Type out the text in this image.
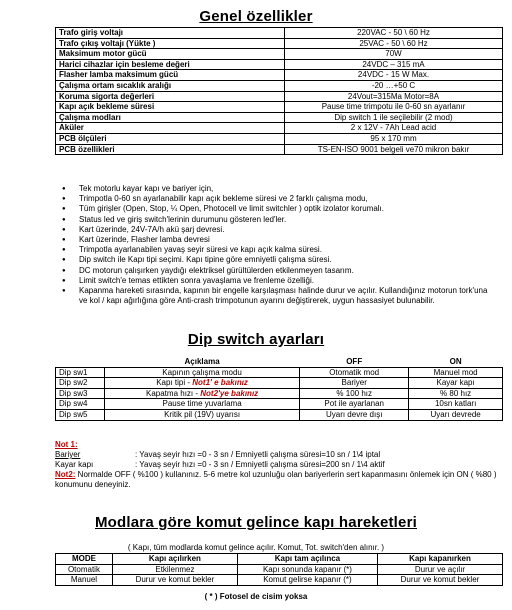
Genel özellikler
Trafo giriş voltajı	220VAC - 50 \ 60 Hz
Trafo çıkış voltajı (Yükte )	25VAC - 50 \ 60 Hz
Maksimum motor gücü	70W
Harici cihazlar için besleme değeri	24VDC – 315 mA
Flasher lamba maksimum gücü	24VDC - 15 W Max.
Çalışma ortam sıcaklık aralığı	-20 …+50 C
Koruma sigorta değerleri	24Vout=315Ma Motor=8A
Kapı açık bekleme süresi	Pause time trimpotu ile 0-60 sn ayarlanır
Çalışma modları	Dip switch 1 ile seçilebilir (2 mod)
Aküler	2 x 12V - 7Ah Lead acid
PCB ölçüleri	95 x 170 mm
PCB özellikleri	TS-EN-ISO 9001 belgeli ve70 mikron bakır
● Tek motorlu kayar kapı ve bariyer için,
● Trimpotla 0-60 sn ayarlanabilir kapı açık bekleme süresi ve 2 farklı çalışma modu,
● Tüm girişler (Open, Stop, ¼ Open, Photocell ve limit switchler ) optik izolator korumalı.
● Status led ve giriş switch'lerinin durumunu gösteren led'ler.
● Kart üzerinde, 24V-7A/h akü şarj devresi.
● Kart üzerinde, Flasher lamba devresi
● Trimpotla ayarlanabilen yavaş seyir süresi ve kapı açık kalma süresi.
● Dip switch ile Kapı tipi seçimi. Kapı tipine göre emniyetli çalışma süresi.
● DC motorun çalışırken yaydığı elektriksel gürültülerden etkilenmeyen tasarım.
● Limit switch'e temas ettikten sonra yavaşlama ve frenleme özelliği.
● Kapanma hareketi sırasında, kapının bir engelle karşılaşması halinde durur ve açılır. Kullandığınız motorun tork'una ve kol / kapı ağırlığına göre Anti-crash trimpotunun ayarını değiştirerek, uygun hassasiyet bulunabilir.
Dip switch ayarları
	Açıklama	OFF	ON
Dip sw1	Kapının çalışma modu	Otomatik mod	Manuel mod
Dip sw2	Kapı tipi - Not1' e bakınız	Bariyer	Kayar kapı
Dip sw3	Kapatma hızı - Not2'ye bakınız	% 100 hız	% 80 hız
Dip sw4	Pause time yuvarlama	Pot ile ayarlanan	10sn katları
Dip sw5	Kritik pil (19V) uyarısı	Uyarı devre dışı	Uyarı devrede
Not 1:
Bariyer	: Yavaş seyir hızı =0 - 3 sn / Emniyetli çalışma süresi=10 sn / 1\4 iptal
Kayar kapı	: Yavaş seyir hızı =0 - 3 sn / Emniyetli çalışma süresi=200 sn / 1\4 aktif
Not2: Normalde OFF ( %100 ) kullanınız. 5-6 metre kol uzunluğu olan bariyerlerin sert kapanmasını önlemek için ON ( %80 ) konumunu deneyiniz.
Modlara göre komut gelince kapı hareketleri
( Kapı, tüm modlarda komut gelince açılır. Komut, Tot. switch'den alınır. )
MODE	Kapı açılırken	Kapı tam açılınca	Kapı kapanırken
Otomatik	Etkilenmez	Kapı sonunda kapanır (*)	Durur ve açılır
Manuel	Durur ve komut bekler	Komut gelirse kapanır (*)	Durur ve komut bekler
( * ) Fotosel de cisim yoksa
